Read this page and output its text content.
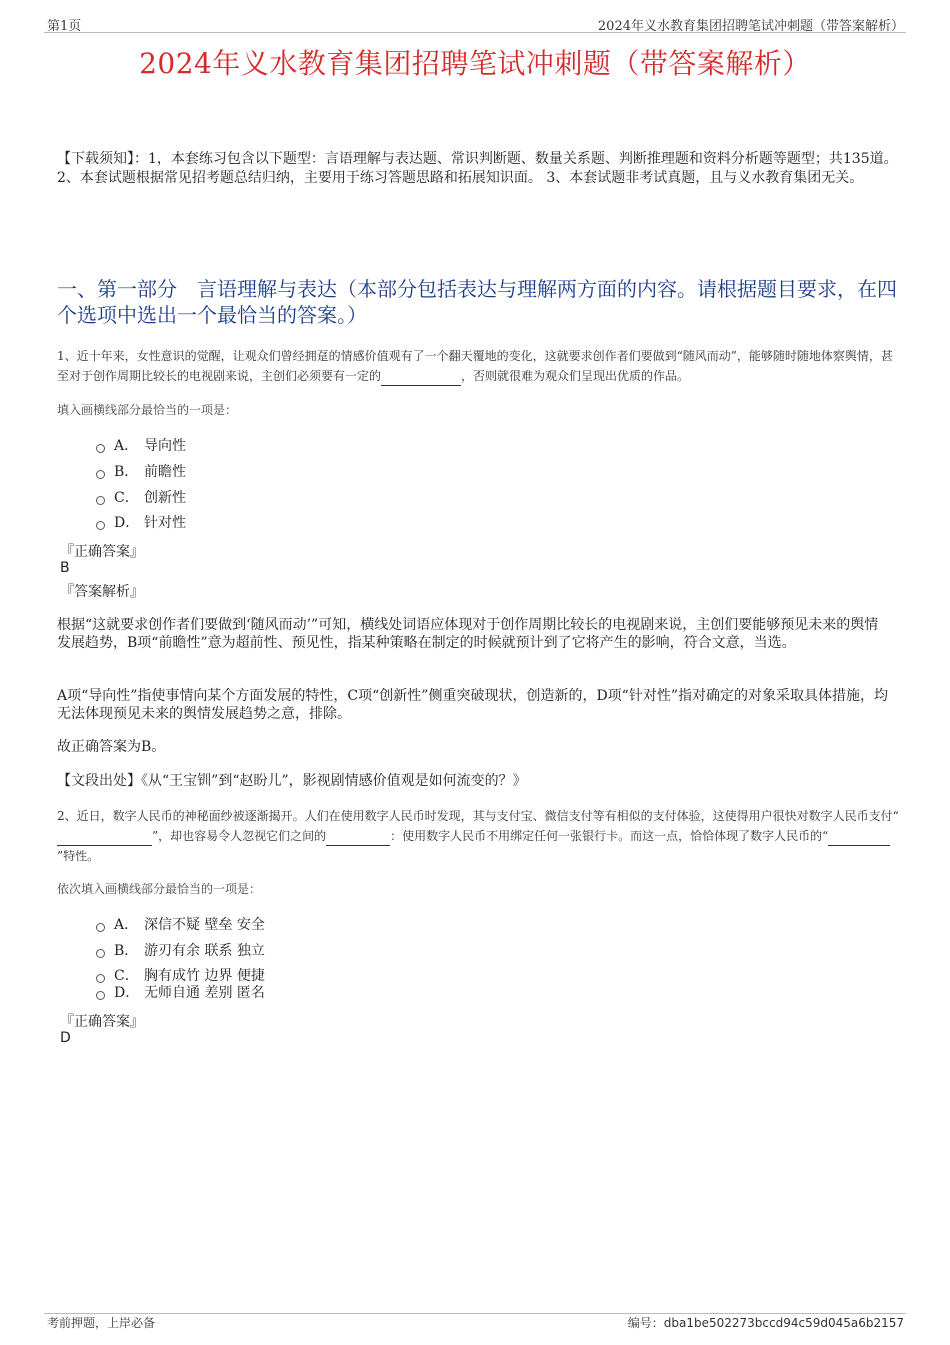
第1页	2024年义水教育集团招聘笔试冲刺题（带答案解析）
2024年义水教育集团招聘笔试冲刺题（带答案解析）
【下载须知】：1，本套练习包含以下题型：言语理解与表达题、常识判断题、数量关系题、判断推理题和资料分析题等题型；共135道。 2、本套试题根据常见招考题总结归纳，主要用于练习答题思路和拓展知识面。 3、本套试题非考试真题，且与义水教育集团无关。
一、第一部分　言语理解与表达（本部分包括表达与理解两方面的内容。请根据题目要求，在四个选项中选出一个最恰当的答案。）
1、近十年来，女性意识的觉醒，让观众们曾经拥趸的情感价值观有了一个翻天覆地的变化，这就要求创作者们要做到“随风而动”，能够随时随地体察舆情，甚至对于创作周期比较长的电视剧来说，主创们必须要有一定的	，否则就很难为观众们呈现出优质的作品。
填入画横线部分最恰当的一项是：
A． 导向性
B． 前瞻性
C． 创新性
D． 针对性
『正确答案』
B
『答案解析』
根据“这就要求创作者们要做到‘随风而动’”可知，横线处词语应体现对于创作周期比较长的电视剧来说，主创们要能够预见未来的舆情发展趋势，B项“前瞻性”意为超前性、预见性，指某种策略在制定的时候就预计到了它将产生的影响，符合文意，当选。
A项“导向性”指使事情向某个方面发展的特性，C项“创新性”侧重突破现状，创造新的，D项“针对性”指对确定的对象采取具体措施，均无法体现预见未来的舆情发展趋势之意，排除。
故正确答案为B。
【文段出处】《从“王宝钏”到“赵盼儿”，影视剧情感价值观是如何流变的？》
2、近日，数字人民币的神秘面纱被逐渐揭开。人们在使用数字人民币时发现，其与支付宝、微信支付等有相似的支付体验，这使得用户很快对数字人民币支付“”，却也容易令人忽视它们之间的	：使用数字人民币不用绑定任何一张银行卡。而这一点，恰恰体现了数字人民币的“”特性。
依次填入画横线部分最恰当的一项是：
A． 深信不疑 壁垒 安全
B． 游刃有余 联系 独立
C． 胸有成竹 边界 便捷
D． 无师自通 差别 匿名
『正确答案』
D
考前押题，上岸必备	编号：dba1be502273bccd94c59d045a6b2157
